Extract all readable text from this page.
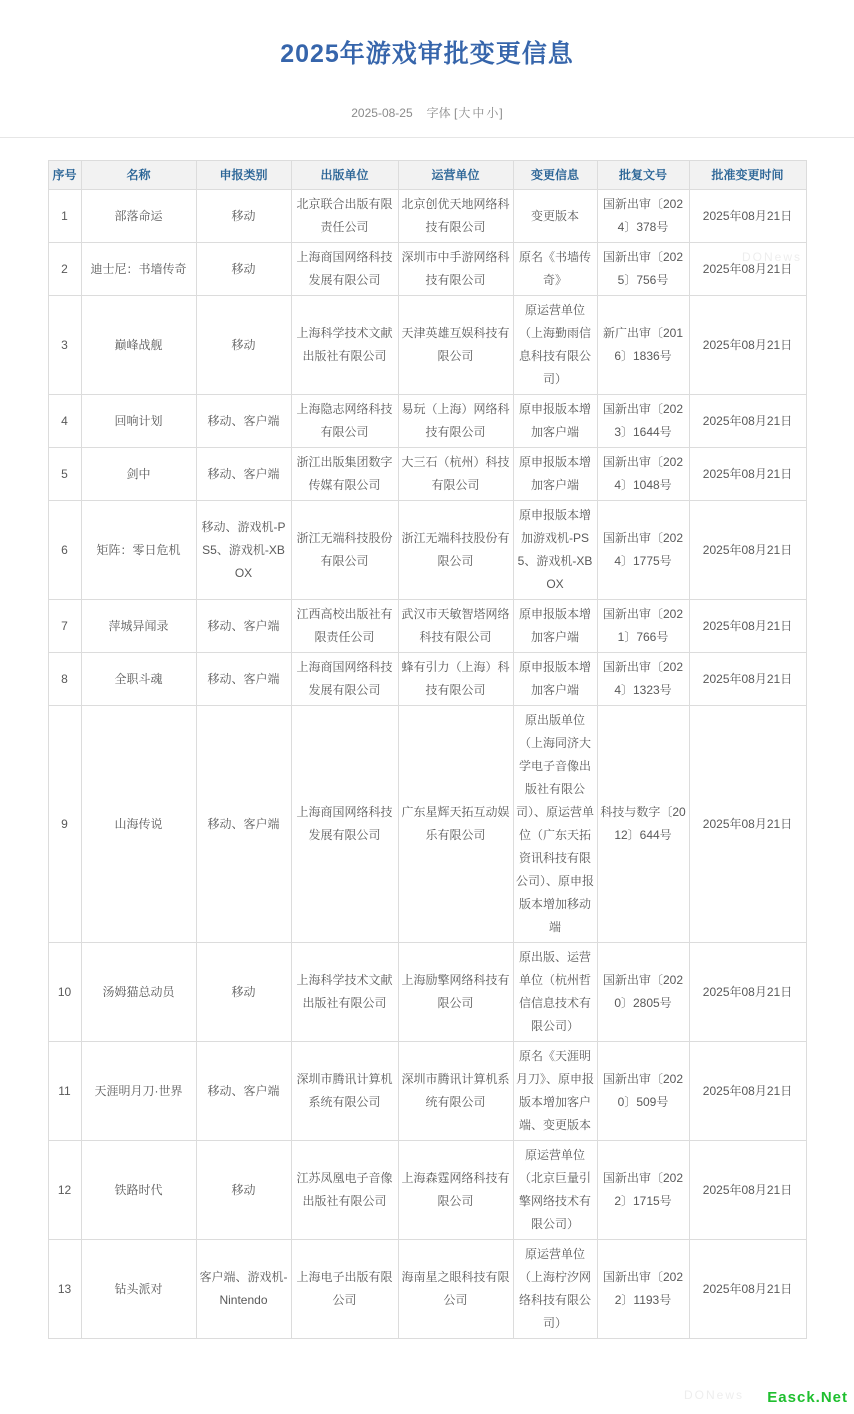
2025年游戏审批变更信息
2025-08-25 字体 [大 中 小]
序号	名称	申报类别	出版单位	运营单位	变更信息	批复文号	批准变更时间
1	部落命运	移动	北京联合出版有限责任公司	北京创优天地网络科技有限公司	变更版本	国新出审〔2024〕378号	2025年08月21日
2	迪士尼：书墙传奇	移动	上海商国网络科技发展有限公司	深圳市中手游网络科技有限公司	原名《书墙传奇》	国新出审〔2025〕756号	2025年08月21日
3	巅峰战舰	移动	上海科学技术文献出版社有限公司	天津英雄互娱科技有限公司	原运营单位（上海勤雨信息科技有限公司）	新广出审〔2016〕1836号	2025年08月21日
4	回响计划	移动、客户端	上海隐志网络科技有限公司	易玩（上海）网络科技有限公司	原申报版本增加客户端	国新出审〔2023〕1644号	2025年08月21日
5	剑中	移动、客户端	浙江出版集团数字传媒有限公司	大三石（杭州）科技有限公司	原申报版本增加客户端	国新出审〔2024〕1048号	2025年08月21日
6	矩阵：零日危机	移动、游戏机-PS5、游戏机-XBOX	浙江无端科技股份有限公司	浙江无端科技股份有限公司	原申报版本增加游戏机-PS5、游戏机-XBOX	国新出审〔2024〕1775号	2025年08月21日
7	萍城异闻录	移动、客户端	江西高校出版社有限责任公司	武汉市天敏智塔网络科技有限公司	原申报版本增加客户端	国新出审〔2021〕766号	2025年08月21日
8	全职斗魂	移动、客户端	上海商国网络科技发展有限公司	蜂有引力（上海）科技有限公司	原申报版本增加客户端	国新出审〔2024〕1323号	2025年08月21日
9	山海传说	移动、客户端	上海商国网络科技发展有限公司	广东星辉天拓互动娱乐有限公司	原出版单位（上海同济大学电子音像出版社有限公司）、原运营单位（广东天拓资讯科技有限公司）、原申报版本增加移动端	科技与数字〔2012〕644号	2025年08月21日
10	汤姆猫总动员	移动	上海科学技术文献出版社有限公司	上海励擎网络科技有限公司	原出版、运营单位（杭州哲信信息技术有限公司）	国新出审〔2020〕2805号	2025年08月21日
11	天涯明月刀·世界	移动、客户端	深圳市腾讯计算机系统有限公司	深圳市腾讯计算机系统有限公司	原名《天涯明月刀》、原申报版本增加客户端、变更版本	国新出审〔2020〕509号	2025年08月21日
12	铁路时代	移动	江苏凤凰电子音像出版社有限公司	上海森霆网络科技有限公司	原运营单位（北京巨量引擎网络技术有限公司）	国新出审〔2022〕1715号	2025年08月21日
13	钻头派对	客户端、游戏机-Nintendo	上海电子出版有限公司	海南星之眼科技有限公司	原运营单位（上海柠汐网络科技有限公司）	国新出审〔2022〕1193号	2025年08月21日
DONews
DONews Easck.Net
